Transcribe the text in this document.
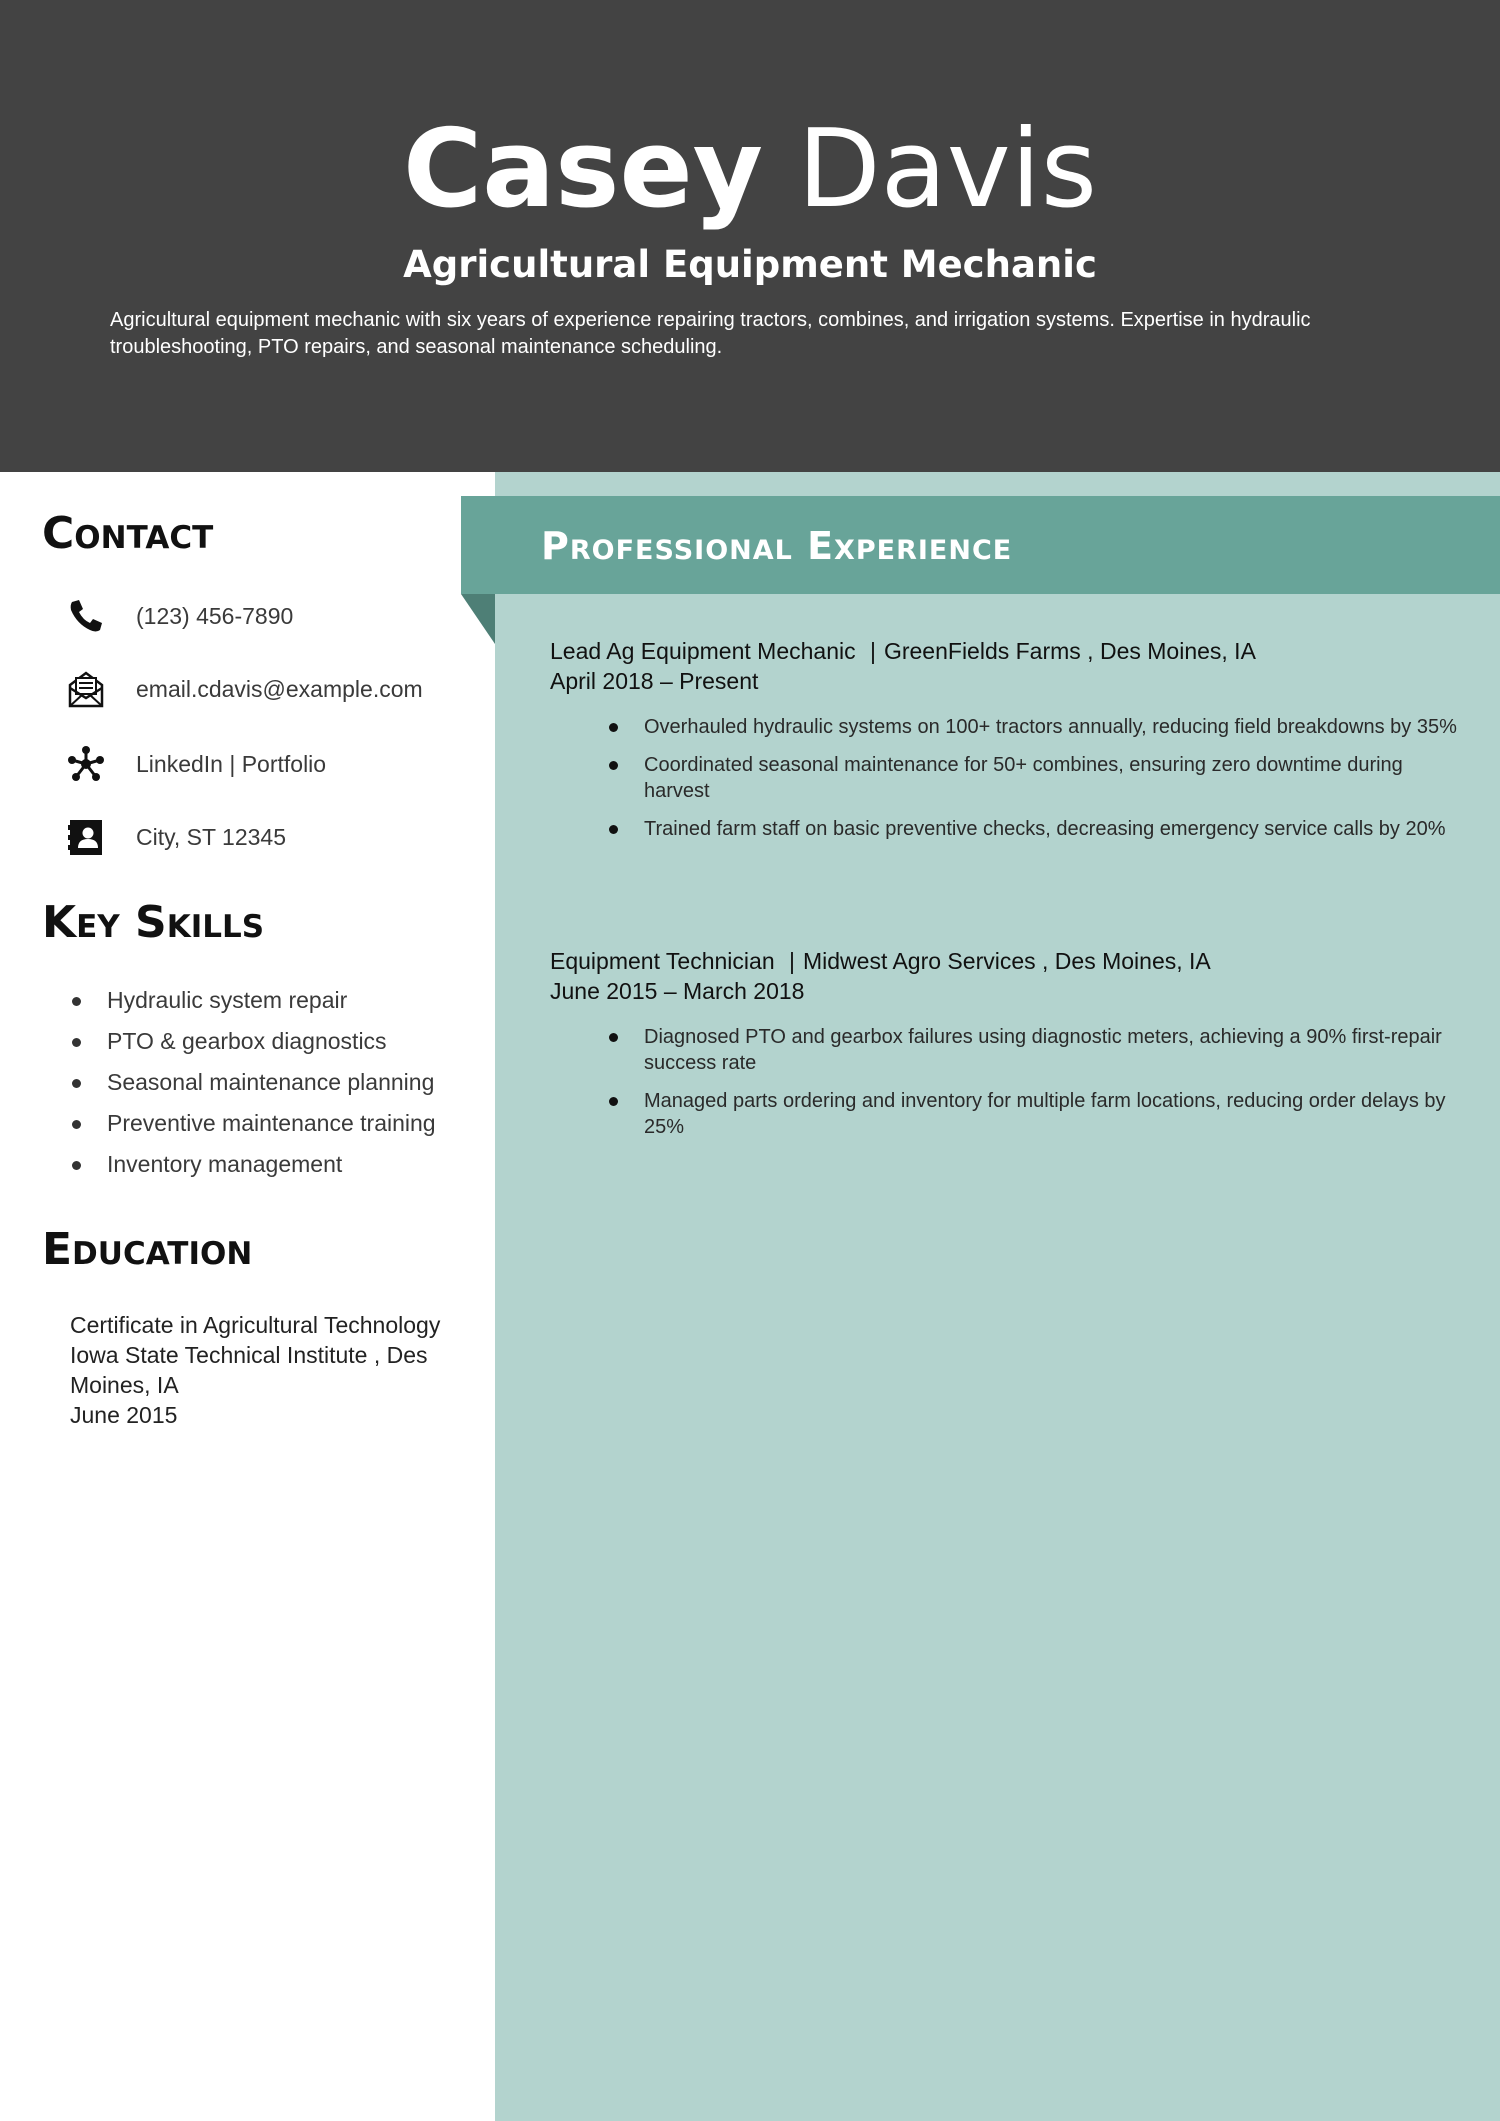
Casey Davis
Agricultural Equipment Mechanic
Agricultural equipment mechanic with six years of experience repairing tractors, combines, and irrigation systems. Expertise in hydraulic troubleshooting, PTO repairs, and seasonal maintenance scheduling.
Professional Experience
Contact
(123) 456-7890
email.cdavis@example.com
LinkedIn | Portfolio
City, ST 12345
Key Skills
Hydraulic system repair
PTO & gearbox diagnostics
Seasonal maintenance planning
Preventive maintenance training
Inventory management
Education
Certificate in Agricultural Technology
Iowa State Technical Institute , Des Moines, IA
June 2015
Lead Ag Equipment Mechanic | GreenFields Farms , Des Moines, IA
April 2018 – Present
Overhauled hydraulic systems on 100+ tractors annually, reducing field breakdowns by 35%
Coordinated seasonal maintenance for 50+ combines, ensuring zero downtime during harvest
Trained farm staff on basic preventive checks, decreasing emergency service calls by 20%
Equipment Technician | Midwest Agro Services , Des Moines, IA
June 2015 – March 2018
Diagnosed PTO and gearbox failures using diagnostic meters, achieving a 90% first-repair success rate
Managed parts ordering and inventory for multiple farm locations, reducing order delays by 25%
